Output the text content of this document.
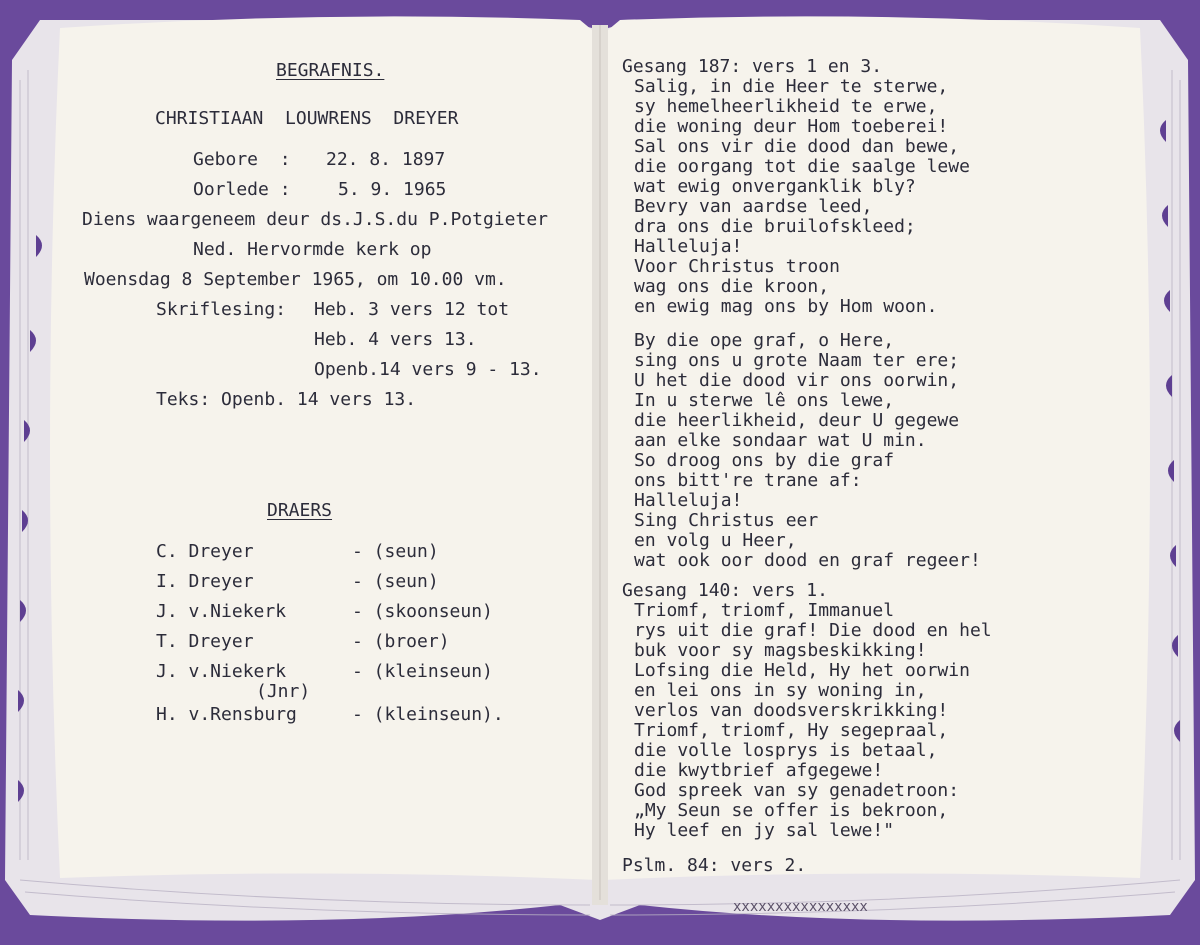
BEGRAFNIS.
CHRISTIAAN  LOUWRENS  DREYER
Gebore  : 22. 8. 1897
Oorlede :	5. 9. 1965
Diens waargeneem deur ds.J.S.du P.Potgieter
Ned. Hervormde kerk op
Woensdag 8 September 1965, om 10.00 vm.
Skriflesing: Heb. 3 vers 12 tot
Heb. 4 vers 13.
Openb.14 vers 9 - 13.
Teks: Openb. 14 vers 13.
DRAERS
C. Dreyer	- (seun)
I. Dreyer	- (seun)
J. v.Niekerk	- (skoonseun)
T. Dreyer	- (broer)
J. v.Niekerk	- (kleinseun)
(Jnr)
H. v.Rensburg	- (kleinseun).
Gesang 187: vers 1 en 3.
Salig, in die Heer te sterwe,
sy hemelheerlikheid te erwe,
die woning deur Hom toeberei!
Sal ons vir die dood dan bewe,
die oorgang tot die saalge lewe
wat ewig onverganklik bly?
Bevry van aardse leed,
dra ons die bruilofskleed;
Halleluja!
Voor Christus troon
wag ons die kroon,
en ewig mag ons by Hom woon.
By die ope graf, o Here,
sing ons u grote Naam ter ere;
U het die dood vir ons oorwin,
In u sterwe lê ons lewe,
die heerlikheid, deur U gegewe
aan elke sondaar wat U min.
So droog ons by die graf
ons bitt're trane af:
Halleluja!
Sing Christus eer
en volg u Heer,
wat ook oor dood en graf regeer!
Gesang 140: vers 1.
Triomf, triomf, Immanuel
rys uit die graf! Die dood en hel
buk voor sy magsbeskikking!
Lofsing die Held, Hy het oorwin
en lei ons in sy woning in,
verlos van doodsverskrikking!
Triomf, triomf, Hy segepraal,
die volle losprys is betaal,
die kwytbrief afgegewe!
God spreek van sy genadetroon:
„My Seun se offer is bekroon,
Hy leef en jy sal lewe!"
Pslm. 84: vers 2.
xxxxxxxxxxxxxxxx
